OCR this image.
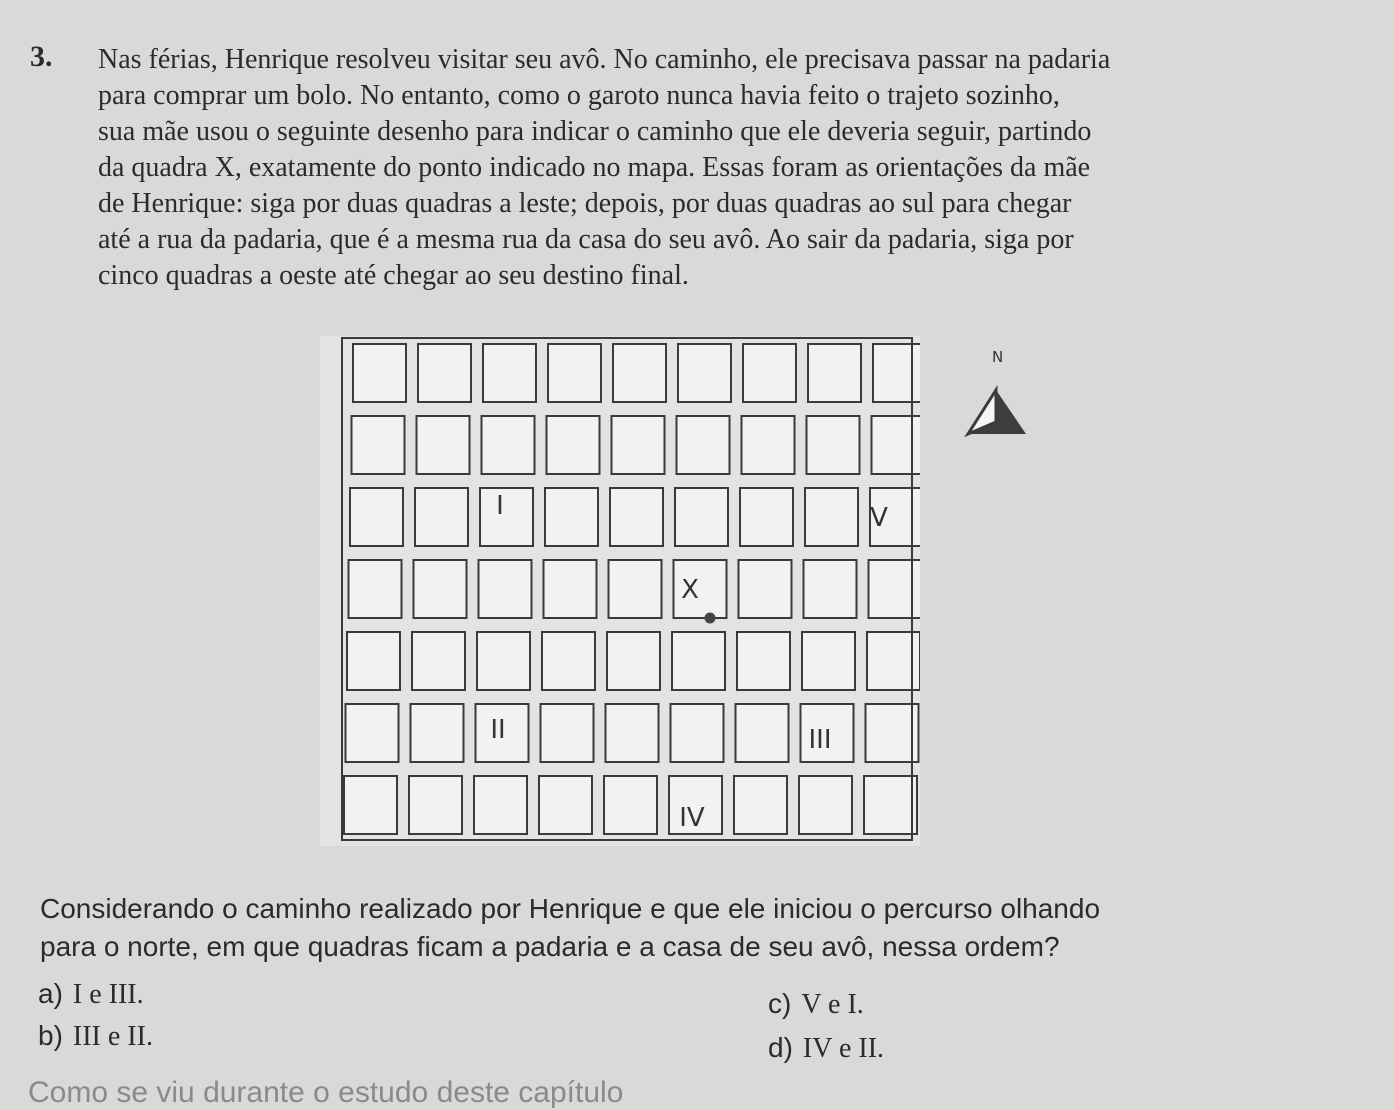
3. Nas férias, Henrique resolveu visitar seu avô. No caminho, ele precisava passar na padaria
para comprar um bolo. No entanto, como o garoto nunca havia feito o trajeto sozinho,
sua mãe usou o seguinte desenho para indicar o caminho que ele deveria seguir, partindo
da quadra X, exatamente do ponto indicado no mapa. Essas foram as orientações da mãe
de Henrique: siga por duas quadras a leste; depois, por duas quadras ao sul para chegar
até a rua da padaria, que é a mesma rua da casa do seu avô. Ao sair da padaria, siga por
cinco quadras a oeste até chegar ao seu destino final.
I	V
X
II	III
IV
N
Considerando o caminho realizado por Henrique e que ele iniciou o percurso olhando
para o norte, em que quadras ficam a padaria e a casa de seu avô, nessa ordem?
a) I e III.
b) III e II.
c) V e I.
d) IV e II.
Como se viu durante o estudo deste capítulo
